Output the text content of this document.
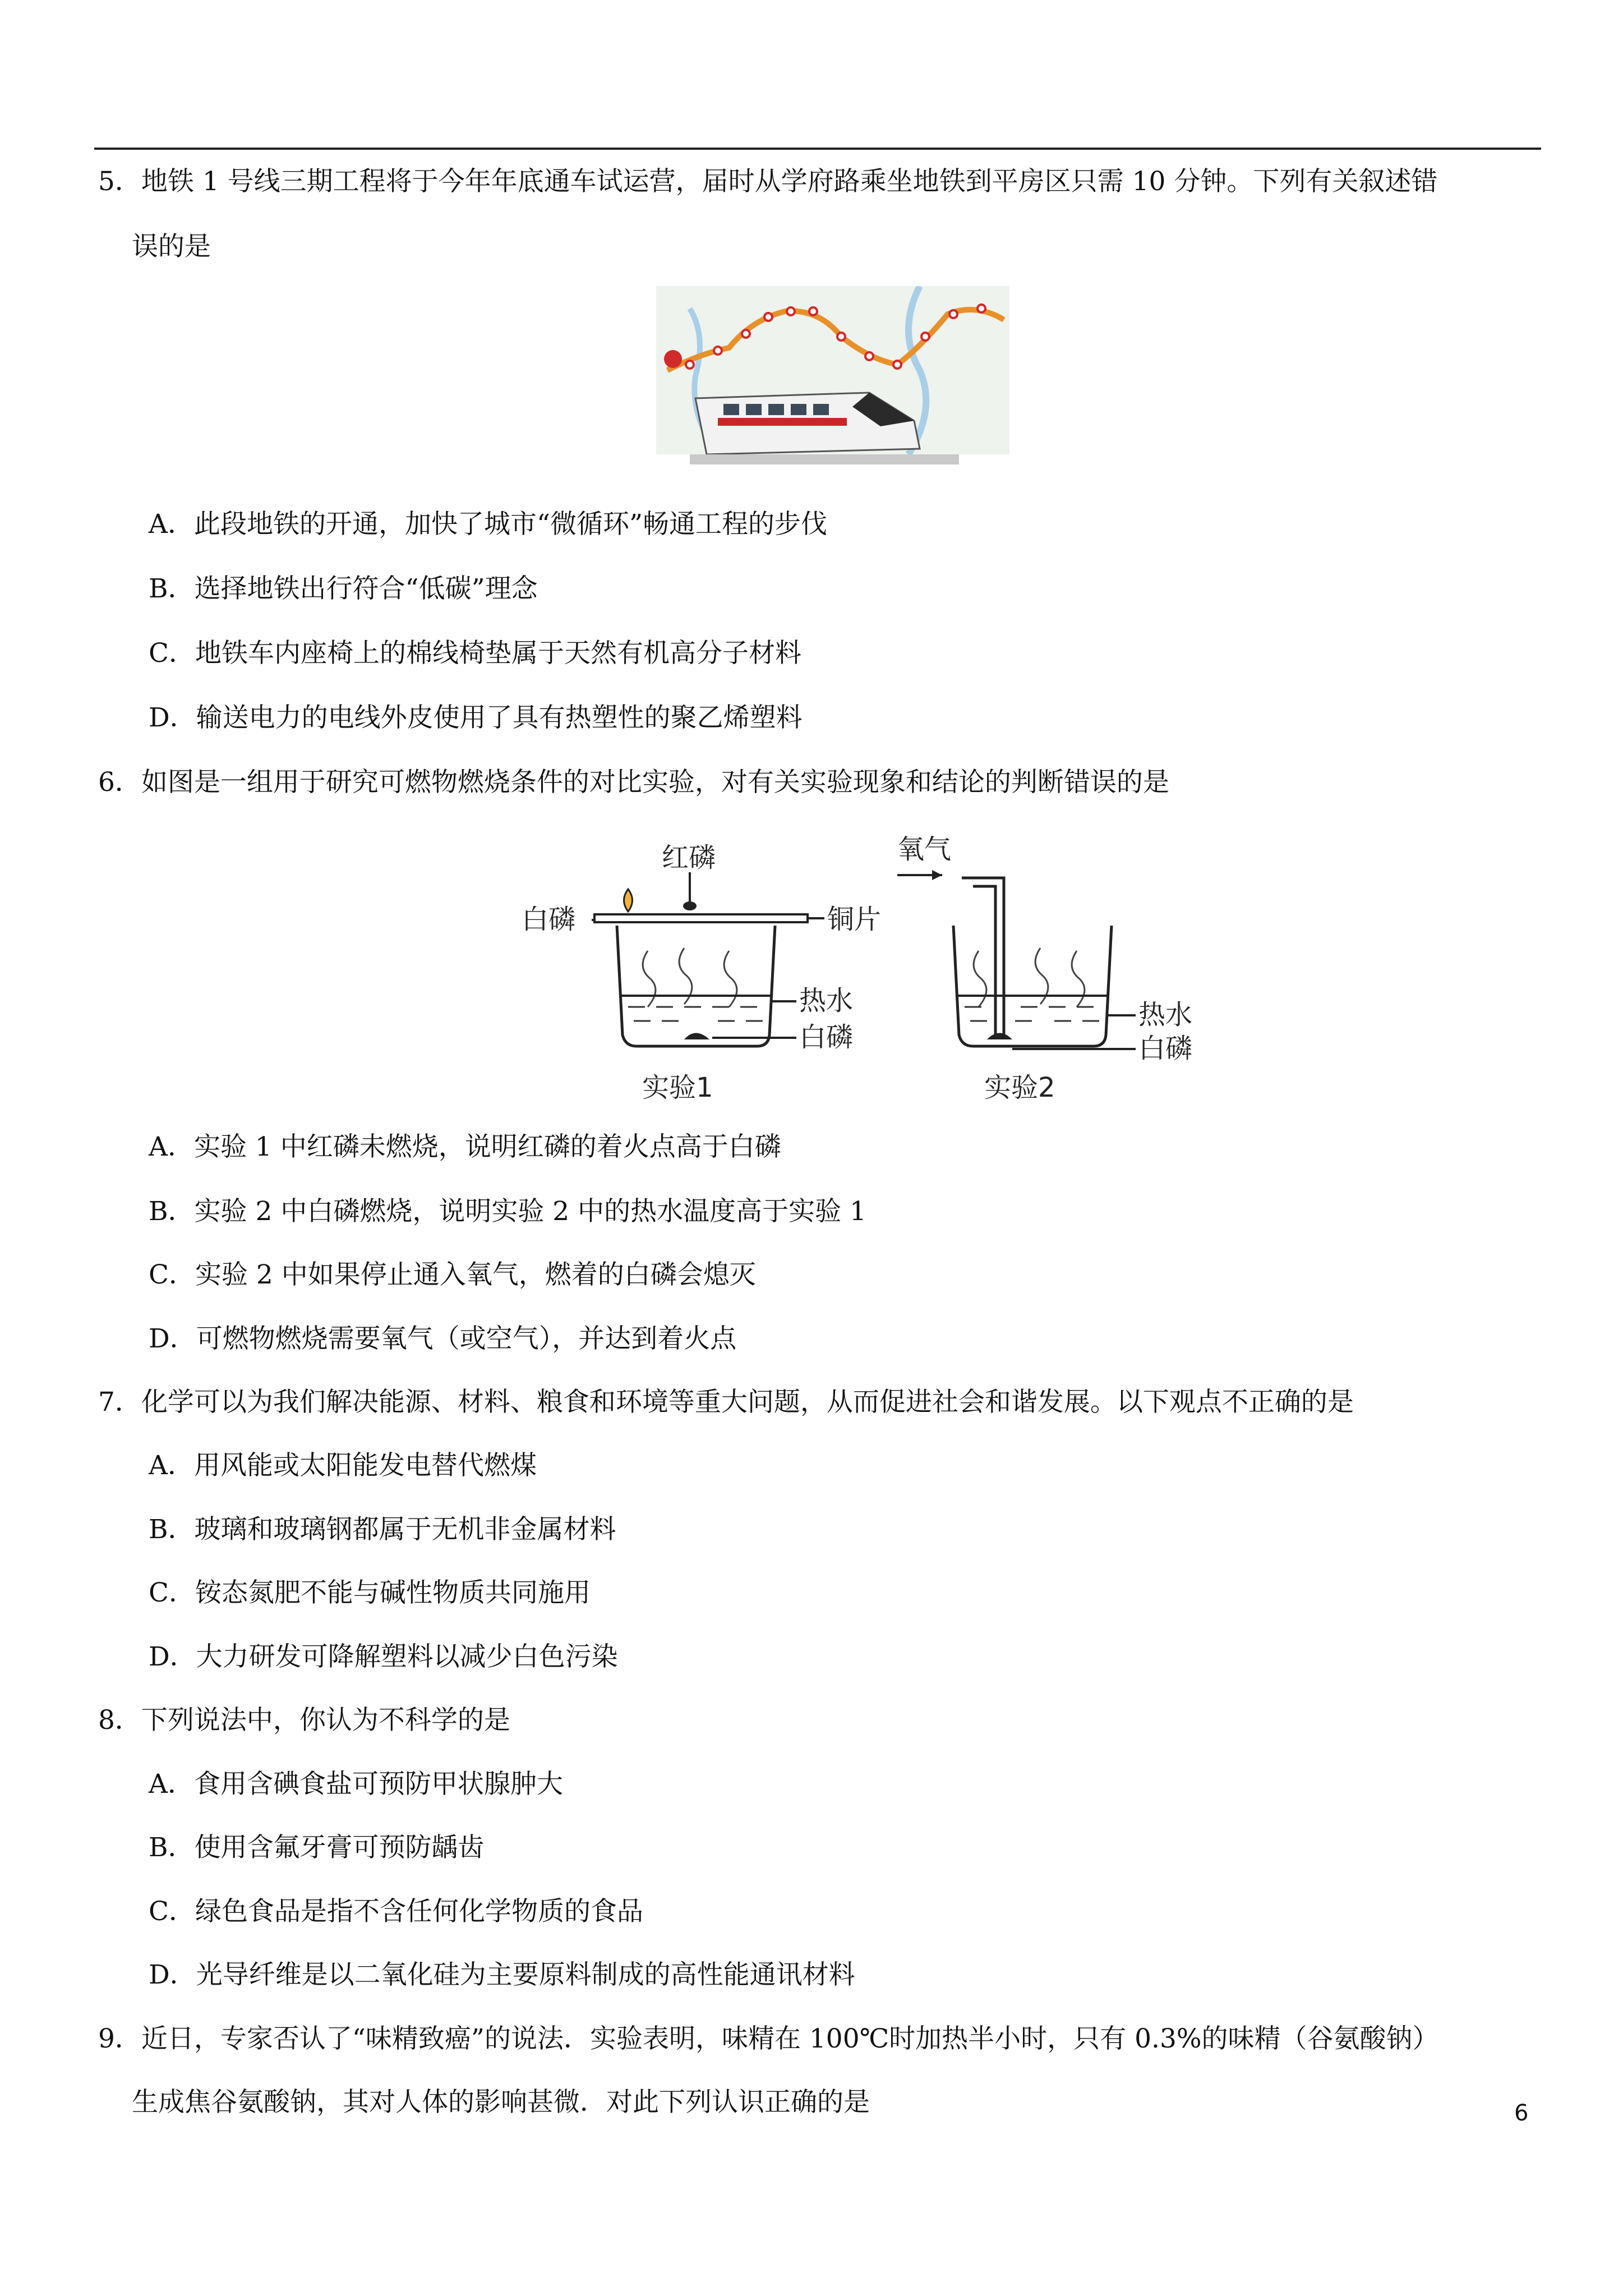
5．地铁 1 号线三期工程将于今年年底通车试运营，届时从学府路乘坐地铁到平房区只需 10 分钟。下列有关叙述错
误的是
A．此段地铁的开通，加快了城市“微循环”畅通工程的步伐
B．选择地铁出行符合“低碳”理念
C．地铁车内座椅上的棉线椅垫属于天然有机高分子材料
D．输送电力的电线外皮使用了具有热塑性的聚乙烯塑料
6．如图是一组用于研究可燃物燃烧条件的对比实验，对有关实验现象和结论的判断错误的是
红磷
白磷	铜片
热水
白磷
实验1
氧气
热水
白磷
实验2
A．实验 1 中红磷未燃烧，说明红磷的着火点高于白磷
B．实验 2 中白磷燃烧，说明实验 2 中的热水温度高于实验 1
C．实验 2 中如果停止通入氧气，燃着的白磷会熄灭
D．可燃物燃烧需要氧气（或空气），并达到着火点
7．化学可以为我们解决能源、材料、粮食和环境等重大问题，从而促进社会和谐发展。以下观点不正确的是
A．用风能或太阳能发电替代燃煤
B．玻璃和玻璃钢都属于无机非金属材料
C．铵态氮肥不能与碱性物质共同施用
D．大力研发可降解塑料以减少白色污染
8．下列说法中，你认为不科学的是
A．食用含碘食盐可预防甲状腺肿大
B．使用含氟牙膏可预防龋齿
C．绿色食品是指不含任何化学物质的食品
D．光导纤维是以二氧化硅为主要原料制成的高性能通讯材料
9．近日，专家否认了“味精致癌”的说法．实验表明，味精在 100℃时加热半小时，只有 0.3%的味精（谷氨酸钠）
生成焦谷氨酸钠，其对人体的影响甚微．对此下列认识正确的是	6
